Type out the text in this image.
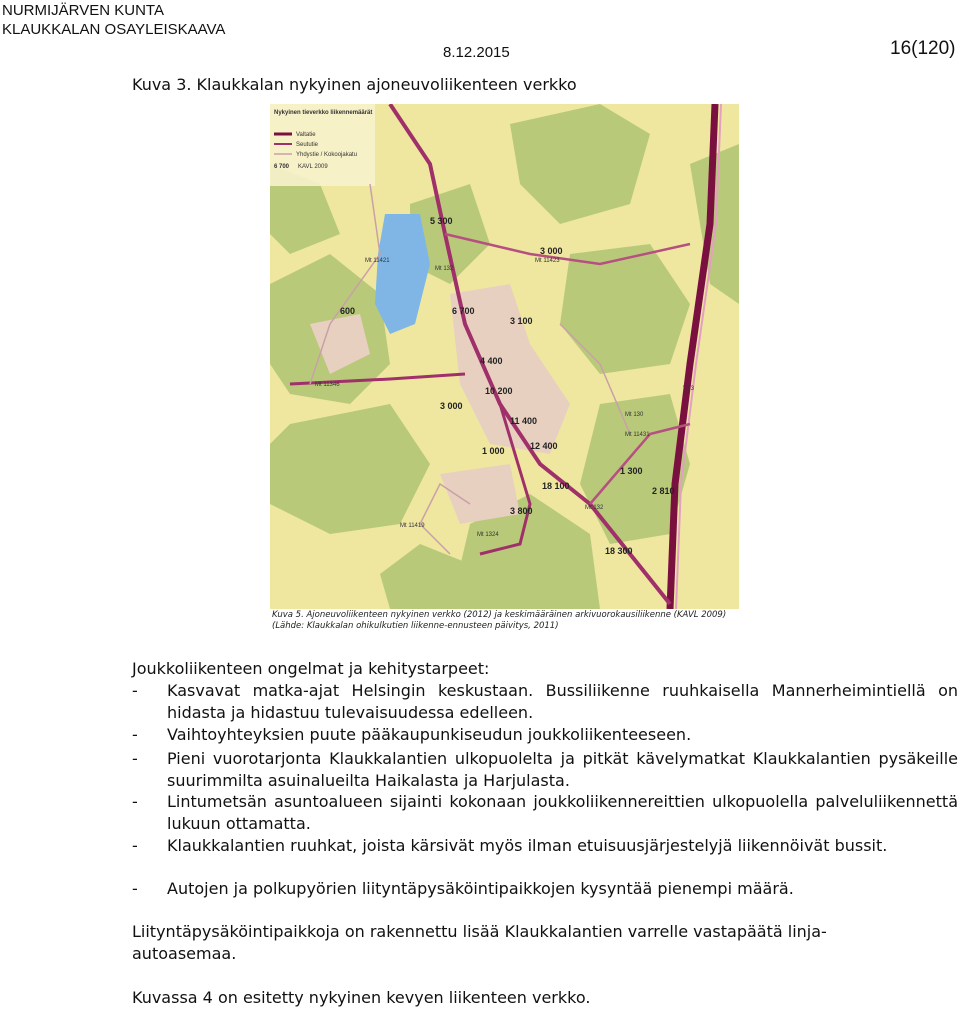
NURMIJÄRVEN KUNTA
KLAUKKALAN OSAYLEISKAAVA
8.12.2015	16(120)
Kuva 3. Klaukkalan nykyinen ajoneuvoliikenteen verkko
Nykyinen tieverkko liikennemäärät
Valtatie
Seututie
Yhdystie / Kokoojakatu
6 700 KAVL 2009
5 300
3 000
600	6 700
3 100
4 400
10 200
11 400
12 400
3 000
1 000
18 100
3 800
1 300
2 810
18 300
Mt 11421
Mt 132
Mt 11423
Mt 11346
Mt 11431
Mt 130
Mt 132
Mt 11419
Mt 1324
VT3
Kuva 5. Ajoneuvoliikenteen nykyinen verkko (2012) ja keskimääräinen arkivuorokausiliikenne (KAVL 2009)
(Lähde: Klaukkalan ohikulkutien liikenne-ennusteen päivitys, 2011)
Joukkoliikenteen ongelmat ja kehitystarpeet:
- Kasvavat matka-ajat Helsingin keskustaan. Bussiliikenne ruuhkaisella Mannerheimintiellä on hidasta ja hidastuu tulevaisuudessa edelleen.
- Vaihtoyhteyksien puute pääkaupunkiseudun joukkoliikenteeseen.
- Pieni vuorotarjonta Klaukkalantien ulkopuolelta ja pitkät kävelymatkat Klaukkalantien pysäkeille suurimmilta asuinalueilta Haikalasta ja Harjulasta.
- Lintumetsän asuntoalueen sijainti kokonaan joukkoliikennereittien ulkopuolella palveluliikennettä lukuun ottamatta.
- Klaukkalantien ruuhkat, joista kärsivät myös ilman etuisuusjärjestelyjä liikennöivät bussit.
- Autojen ja polkupyörien liityntäpysäköintipaikkojen kysyntää pienempi määrä.
Liityntäpysäköintipaikkoja on rakennettu lisää Klaukkalantien varrelle vastapäätä linja-autoasemaa.
Kuvassa 4 on esitetty nykyinen kevyen liikenteen verkko.
